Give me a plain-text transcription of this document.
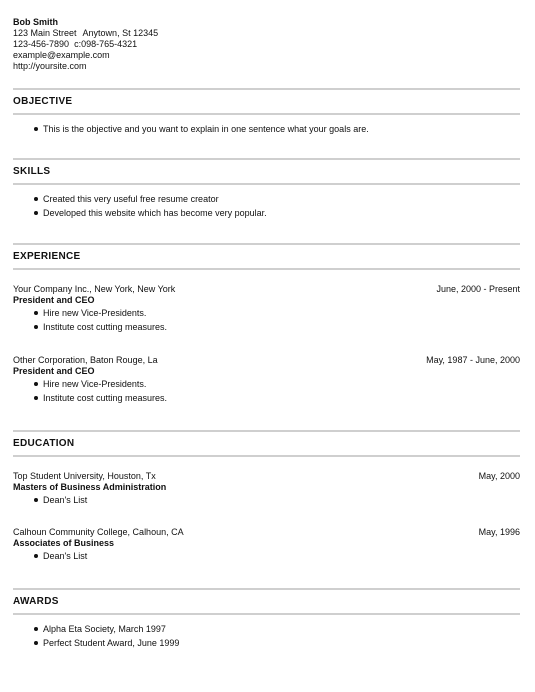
Bob Smith
123 Main Street Anytown, St 12345
123-456-7890 c:098-765-4321
example@example.com
http://yoursite.com
OBJECTIVE
This is the objective and you want to explain in one sentence what your goals are.
SKILLS
Created this very useful free resume creator
Developed this website which has become very popular.
EXPERIENCE
Your Company Inc., New York, New York	June, 2000 - Present
President and CEO
Hire new Vice-Presidents.
Institute cost cutting measures.
Other Corporation, Baton Rouge, La	May, 1987 - June, 2000
President and CEO
Hire new Vice-Presidents.
Institute cost cutting measures.
EDUCATION
Top Student University, Houston, Tx	May, 2000
Masters of Business Administration
Dean's List
Calhoun Community College, Calhoun, CA	May, 1996
Associates of Business
Dean's List
AWARDS
Alpha Eta Society, March 1997
Perfect Student Award, June 1999
